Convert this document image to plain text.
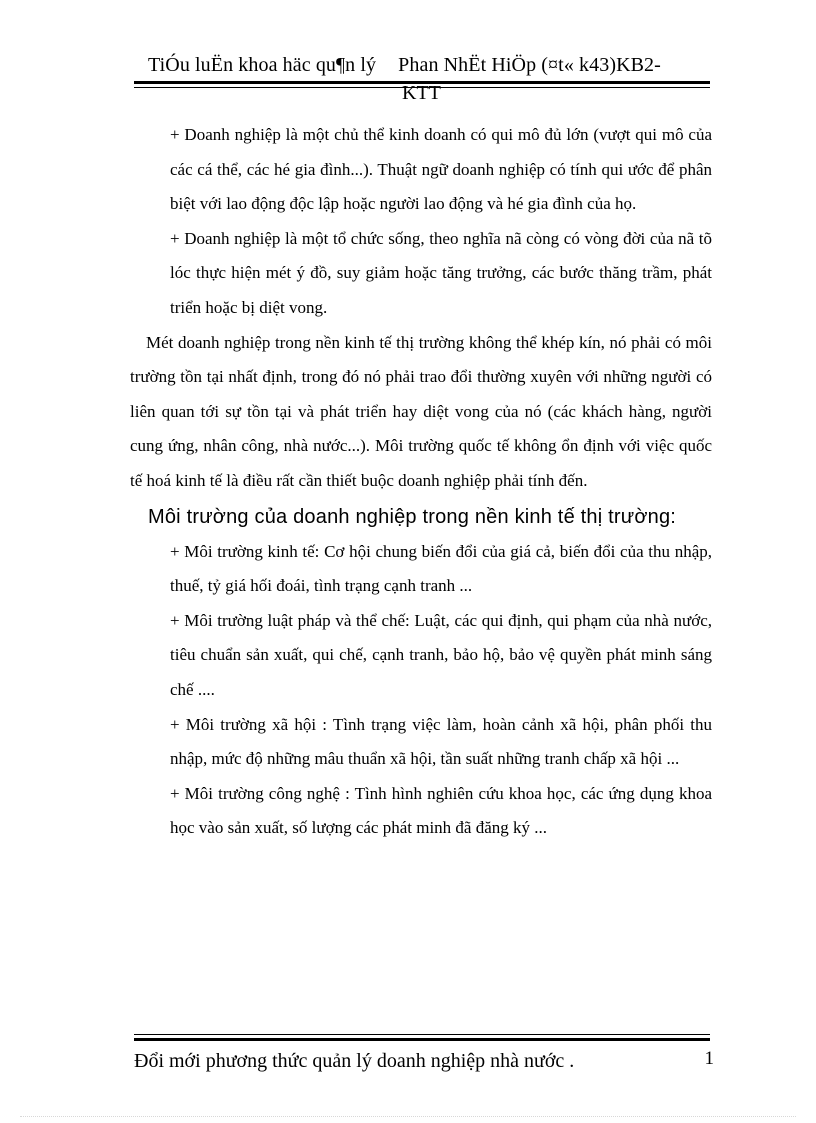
TiÓu luËn khoa häc qu¶n lý Phan NhËt HiÖp (¤t« k43)KB2-
KTT

+ Doanh nghiệp là một chủ thể kinh doanh có qui mô đủ lớn (vượt qui mô của các cá thể, các hé gia đình...). Thuật ngữ doanh nghiệp có tính qui ước để phân biệt với lao động độc lập hoặc người lao động và hé gia đình của họ.

+ Doanh nghiệp là một tổ chức sống, theo nghĩa nã còng có vòng đời của nã tõ lóc thực hiện mét ý đồ, suy giảm hoặc tăng trưởng, các bước thăng trầm, phát triển hoặc bị diệt vong.

Mét doanh nghiệp trong nền kinh tế thị trường không thể khép kín, nó phải có môi trường tồn tại nhất định, trong đó nó phải trao đổi thường xuyên với những người có liên quan tới sự tồn tại và phát triển hay diệt vong của nó (các khách hàng, người cung ứng, nhân công, nhà nước...). Môi trường quốc tế không ổn định với việc quốc tế hoá kinh tế là điều rất cần thiết buộc doanh nghiệp phải tính đến.

Môi trường của doanh nghiệp trong nền kinh tế thị trường:

+ Môi trường kinh tế: Cơ hội chung biến đổi của giá cả, biến đổi của thu nhập, thuế, tỷ giá hối đoái, tình trạng cạnh tranh ...

+ Môi trường luật pháp và thể chế: Luật, các qui định, qui phạm của nhà nước, tiêu chuẩn sản xuất, qui chế, cạnh tranh, bảo hộ, bảo vệ quyền phát minh sáng chế ....

+ Môi trường xã hội : Tình trạng việc làm, hoàn cảnh xã hội, phân phối thu nhập, mức độ những mâu thuẩn xã hội, tần suất những tranh chấp xã hội ...

+ Môi trường công nghệ : Tình hình nghiên cứu khoa học, các ứng dụng khoa học vào sản xuất, số lượng các phát minh đã đăng ký ...

Đổi mới phương thức quản lý doanh nghiệp nhà nước .	1
